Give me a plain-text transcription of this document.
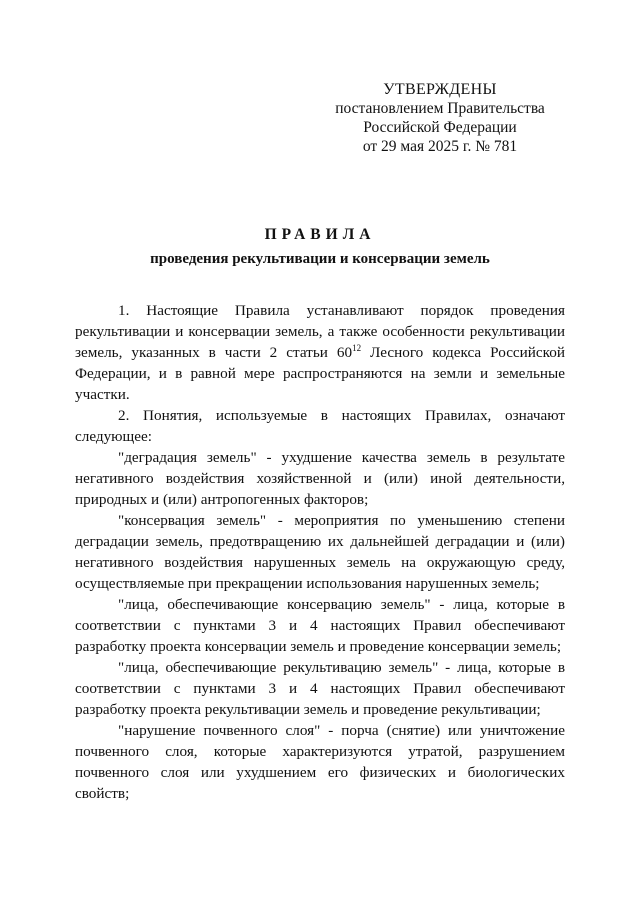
УТВЕРЖДЕНЫ
постановлением Правительства
Российской Федерации
от 29 мая 2025 г. № 781
ПРАВИЛА
проведения рекультивации и консервации земель

1. Настоящие Правила устанавливают порядок проведения рекультивации и консервации земель, а также особенности рекультивации земель, указанных в части 2 статьи $60^{12}$ Лесного кодекса Российской Федерации, и в равной мере распространяются на земли и земельные участки.

2. Понятия, используемые в настоящих Правилах, означают следующее:

"деградация земель" - ухудшение качества земель в результате негативного воздействия хозяйственной и (или) иной деятельности, природных и (или) антропогенных факторов;

"консервация земель" - мероприятия по уменьшению степени деградации земель, предотвращению их дальнейшей деградации и (или) негативного воздействия нарушенных земель на окружающую среду, осуществляемые при прекращении использования нарушенных земель;

"лица, обеспечивающие консервацию земель" - лица, которые в соответствии с пунктами 3 и 4 настоящих Правил обеспечивают разработку проекта консервации земель и проведение консервации земель;

"лица, обеспечивающие рекультивацию земель" - лица, которые в соответствии с пунктами 3 и 4 настоящих Правил обеспечивают разработку проекта рекультивации земель и проведение рекультивации;

"нарушение почвенного слоя" - порча (снятие) или уничтожение почвенного слоя, которые характеризуются утратой, разрушением почвенного слоя или ухудшением его физических и биологических свойств;
